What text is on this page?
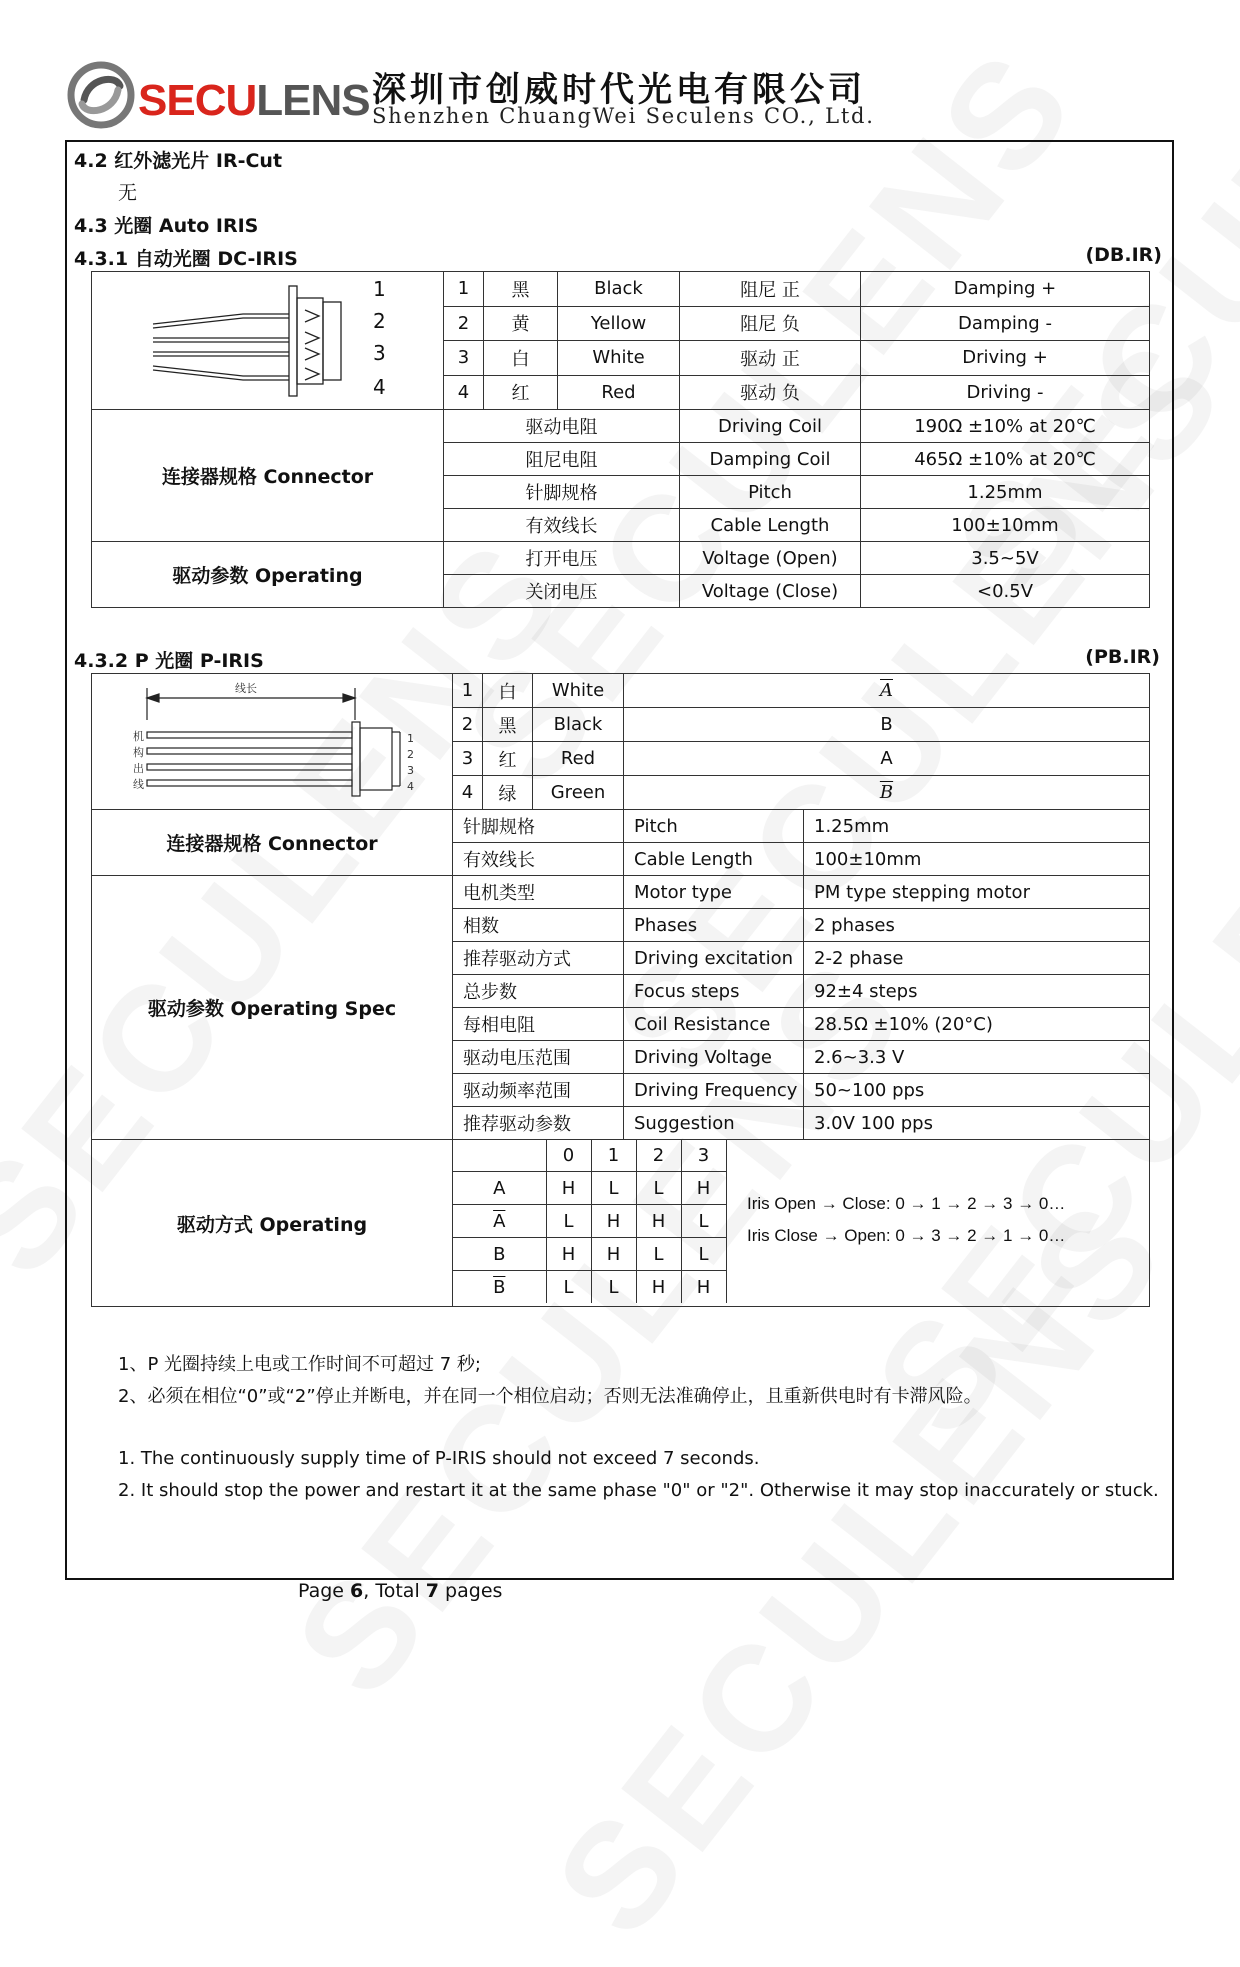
SECULENS 深圳市创威时代光电有限公司
Shenzhen ChuangWei Seculens CO., Ltd.
4.2 红外滤光片 IR-Cut
无
4.3 光圈 Auto IRIS
4.3.1 自动光圈 DC-IRIS	(DB.IR)
1
2
3
4	1	黑	Black	阻尼 正	Damping +
	2	黄	Yellow	阻尼 负	Damping -
	3	白	White	驱动 正	Driving +
	4	红	Red	驱动 负	Driving -
连接器规格 Connector	驱动电阻			Driving Coil	190Ω ±10% at 20℃
	阻尼电阻			Damping Coil	465Ω ±10% at 20℃
	针脚规格			Pitch	1.25mm
	有效线长			Cable Length	100±10mm
驱动参数 Operating	打开电压			Voltage (Open)	3.5~5V
	关闭电压			Voltage (Close)	<0.5V
4.3.2 P 光圈 P-IRIS	(PB.IR)
线长
机
构
出
线
1
2
3
4
	1	白	White	$\overline{A}$
2	黑	Black	B
3	红	Red	A
4	绿	Green	$\overline{B}$
连接器规格 Connector	针脚规格	Pitch	1.25mm
有效线长	Cable Length	100±10mm
驱动参数 Operating Spec	电机类型	Motor type	PM type stepping motor
相数	Phases	2 phases
推荐驱动方式	Driving excitation	2-2 phase
总步数	Focus steps	92±4 steps
每相电阻	Coil Resistance	28.5Ω ±10% (20°C)
驱动电压范围	Driving Voltage	2.6~3.3 V
驱动频率范围	Driving Frequency	50~100 pps
推荐驱动参数	Suggestion	3.0V 100 pps
驱动方式 Operating	
	0	1	2	3
A	H	L	L	H
$\overline{A}$	L	H	H	L
B	H	H	L	L
$\overline{B}$	L	L	H	H
Iris Open → Close: 0 → 1 → 2 → 3 → 0…
Iris Close → Open: 0 → 3 → 2 → 1 → 0…
1、P 光圈持续上电或工作时间不可超过 7 秒;
2、必须在相位“0”或“2”停止并断电，并在同一个相位启动；否则无法准确停止，且重新供电时有卡滞风险。
1. The continuously supply time of P-IRIS should not exceed 7 seconds.
2. It should stop the power and restart it at the same phase "0" or "2". Otherwise it may stop inaccurately or stuck.
Page 6, Total 7 pages
